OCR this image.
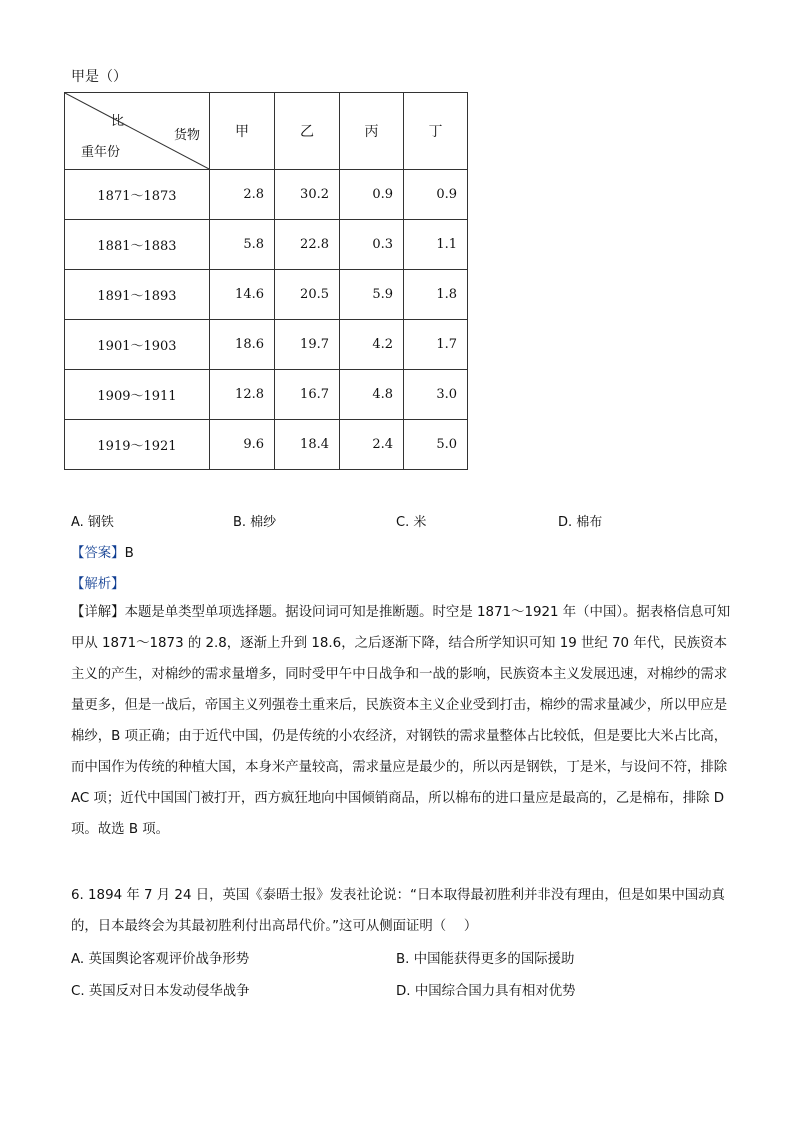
甲是（）
比
货物
重年份	甲	乙	丙	丁
1871～1873	2.8	30.2	0.9	0.9
1881～1883	5.8	22.8	0.3	1.1
1891～1893	14.6	20.5	5.9	1.8
1901～1903	18.6	19.7	4.2	1.7
1909～1911	12.8	16.7	4.8	3.0
1919～1921	9.6	18.4	2.4	5.0
A. 钢铁	B. 棉纱	C. 米	D. 棉布
【答案】B
【解析】
【详解】本题是单类型单项选择题。据设问词可知是推断题。时空是 1871～1921 年（中国）。据表格信息可知甲从 1871～1873 的 2.8，逐渐上升到 18.6，之后逐渐下降，结合所学知识可知 19 世纪 70 年代，民族资本主义的产生，对棉纱的需求量增多，同时受甲午中日战争和一战的影响，民族资本主义发展迅速，对棉纱的需求量更多，但是一战后，帝国主义列强卷土重来后，民族资本主义企业受到打击，棉纱的需求量减少，所以甲应是棉纱，B 项正确；由于近代中国，仍是传统的小农经济，对钢铁的需求量整体占比较低，但是要比大米占比高，而中国作为传统的种植大国，本身米产量较高，需求量应是最少的，所以丙是钢铁，丁是米，与设问不符，排除 AC 项；近代中国国门被打开，西方疯狂地向中国倾销商品，所以棉布的进口量应是最高的，乙是棉布，排除 D 项。故选 B 项。
6. 1894 年 7 月 24 日，英国《泰晤士报》发表社论说：“日本取得最初胜利并非没有理由，但是如果中国动真的，日本最终会为其最初胜利付出高昂代价。”这可从侧面证明（　 ）
A. 英国舆论客观评价战争形势	B. 中国能获得更多的国际援助
C. 英国反对日本发动侵华战争	D. 中国综合国力具有相对优势
